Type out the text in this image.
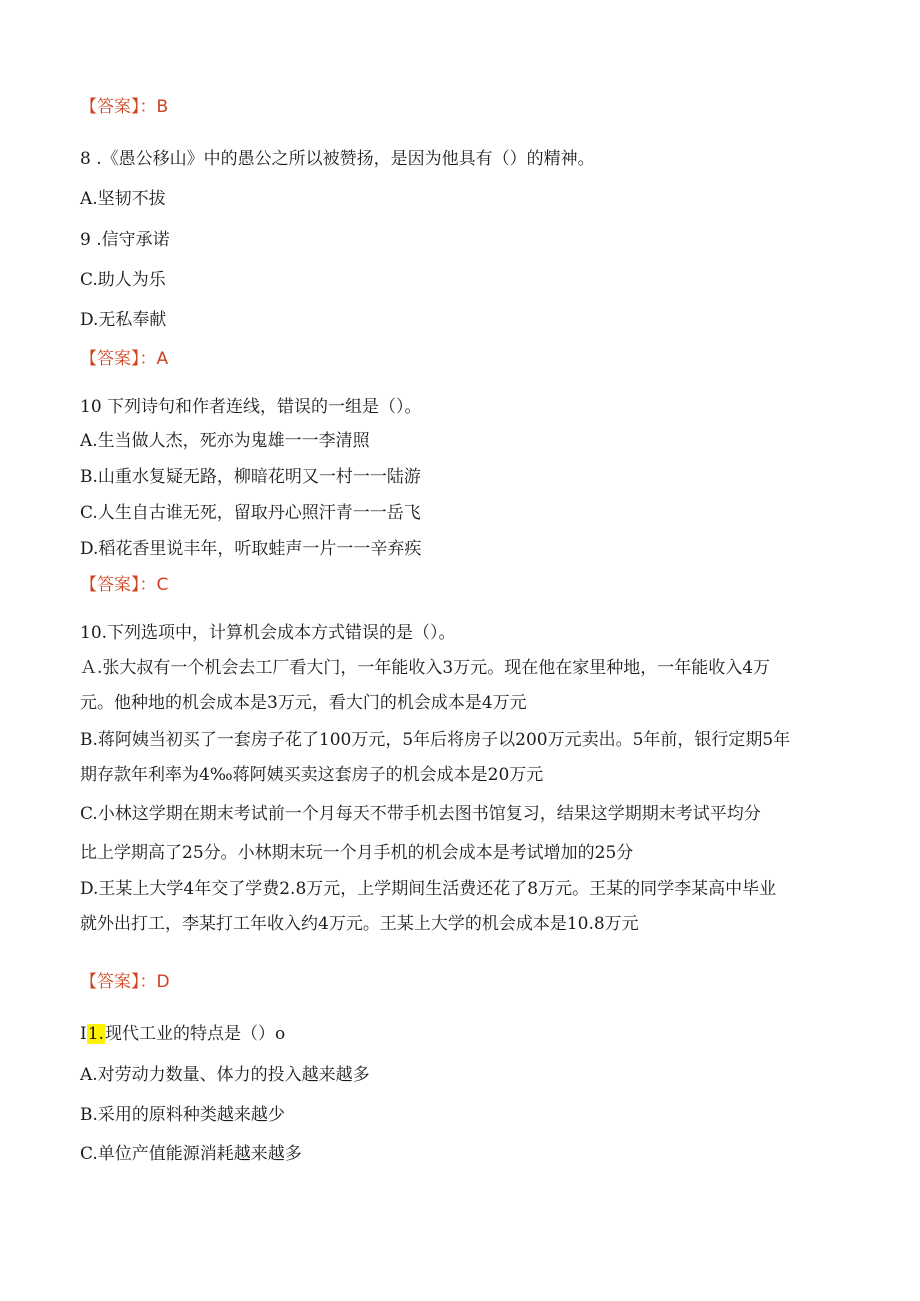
【答案】：B
8 .《愚公移山》中的愚公之所以被赞扬，是因为他具有（）的精神。
A.坚韧不拔
9 .信守承诺
C.助人为乐
D.无私奉献
【答案】：A
10 下列诗句和作者连线，错误的一组是（）。
A.生当做人杰，死亦为鬼雄一一李清照
B.山重水复疑无路，柳暗花明又一村一一陆游
C.人生自古谁无死，留取丹心照汗青一一岳飞
D.稻花香里说丰年，听取蛙声一片一一辛弃疾
【答案】：C
10.下列选项中，计算机会成本方式错误的是（）。
Ａ.张大叔有一个机会去工厂看大门，一年能收入3万元。现在他在家里种地，一年能收入4万
元。他种地的机会成本是3万元，看大门的机会成本是4万元
B.蒋阿姨当初买了一套房子花了100万元，5年后将房子以200万元卖出。5年前，银行定期5年
期存款年利率为4‰蒋阿姨买卖这套房子的机会成本是20万元
C.小林这学期在期末考试前一个月每天不带手机去图书馆复习，结果这学期期末考试平均分
比上学期高了25分。小林期末玩一个月手机的机会成本是考试增加的25分
D.王某上大学4年交了学费2.8万元，上学期间生活费还花了8万元。王某的同学李某高中毕业
就外出打工，李某打工年收入约4万元。王某上大学的机会成本是10.8万元
【答案】：D
I1.现代工业的特点是（）o
A.对劳动力数量、体力的投入越来越多
B.采用的原料种类越来越少
C.单位产值能源消耗越来越多
